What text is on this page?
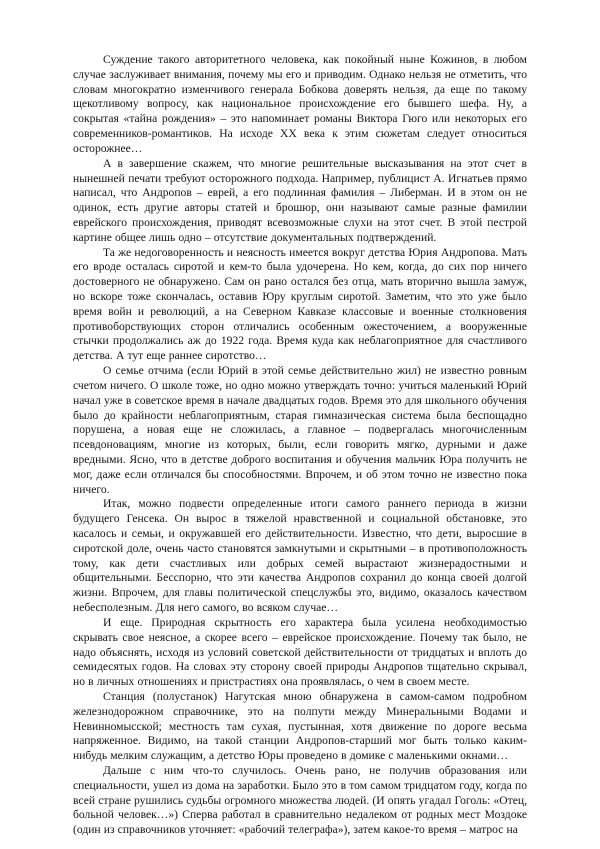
Суждение такого авторитетного человека, как покойный ныне Кожинов, в любом случае заслуживает внимания, почему мы его и приводим. Однако нельзя не отметить, что словам многократно изменчивого генерала Бобкова доверять нельзя, да еще по такому щекотливому вопросу, как национальное происхождение его бывшего шефа. Ну, а сокрытая «тайна рождения» – это напоминает романы Виктора Гюго или некоторых его современников-романтиков. На исходе XX века к этим сюжетам следует относиться осторожнее…

А в завершение скажем, что многие решительные высказывания на этот счет в нынешней печати требуют осторожного подхода. Например, публицист А. Игнатьев прямо написал, что Андропов – еврей, а его подлинная фамилия – Либерман. И в этом он не одинок, есть другие авторы статей и брошюр, они называют самые разные фамилии еврейского происхождения, приводят всевозможные слухи на этот счет. В этой пестрой картине общее лишь одно – отсутствие документальных подтверждений.

Та же недоговоренность и неясность имеется вокруг детства Юрия Андропова. Мать его вроде осталась сиротой и кем-то была удочерена. Но кем, когда, до сих пор ничего достоверного не обнаружено. Сам он рано остался без отца, мать вторично вышла замуж, но вскоре тоже скончалась, оставив Юру круглым сиротой. Заметим, что это уже было время войн и революций, а на Северном Кавказе классовые и военные столкновения противоборствующих сторон отличались особенным ожесточением, а вооруженные стычки продолжались аж до 1922 года. Время куда как неблагоприятное для счастливого детства. А тут еще раннее сиротство…

О семье отчима (если Юрий в этой семье действительно жил) не известно ровным счетом ничего. О школе тоже, но одно можно утверждать точно: учиться маленький Юрий начал уже в советское время в начале двадцатых годов. Время это для школьного обучения было до крайности неблагоприятным, старая гимназическая система была беспощадно порушена, а новая еще не сложилась, а главное – подвергалась многочисленным псевдоновациям, многие из которых, были, если говорить мягко, дурными и даже вредными. Ясно, что в детстве доброго воспитания и обучения мальчик Юра получить не мог, даже если отличался бы способностями. Впрочем, и об этом точно не известно пока ничего.

Итак, можно подвести определенные итоги самого раннего периода в жизни будущего Генсека. Он вырос в тяжелой нравственной и социальной обстановке, это касалось и семьи, и окружавшей его действительности. Известно, что дети, выросшие в сиротской доле, очень часто становятся замкнутыми и скрытными – в противоположность тому, как дети счастливых или добрых семей вырастают жизнерадостными и общительными. Бесспорно, что эти качества Андропов сохранил до конца своей долгой жизни. Впрочем, для главы политической спецслужбы это, видимо, оказалось качеством небесполезным. Для него самого, во всяком случае…

И еще. Природная скрытность его характера была усилена необходимостью скрывать свое неясное, а скорее всего – еврейское происхождение. Почему так было, не надо объяснять, исходя из условий советской действительности от тридцатых и вплоть до семидесятых годов. На словах эту сторону своей природы Андропов тщательно скрывал, но в личных отношениях и пристрастиях она проявлялась, о чем в своем месте.

Станция (полустанок) Нагутская мною обнаружена в самом-самом подробном железнодорожном справочнике, это на полпути между Минеральными Водами и Невинномысской; местность там сухая, пустынная, хотя движение по дороге весьма напряженное. Видимо, на такой станции Андропов-старший мог быть только каким-нибудь мелким служащим, а детство Юры проведено в домике с маленькими окнами…

Дальше с ним что-то случилось. Очень рано, не получив образования или специальности, ушел из дома на заработки. Было это в том самом тридцатом году, когда по всей стране рушились судьбы огромного множества людей. (И опять угадал Гоголь: «Отец, больной человек…») Сперва работал в сравнительно недалеком от родных мест Моздоке (один из справочников уточняет: «рабочий телеграфа»), затем какое-то время – матрос на
